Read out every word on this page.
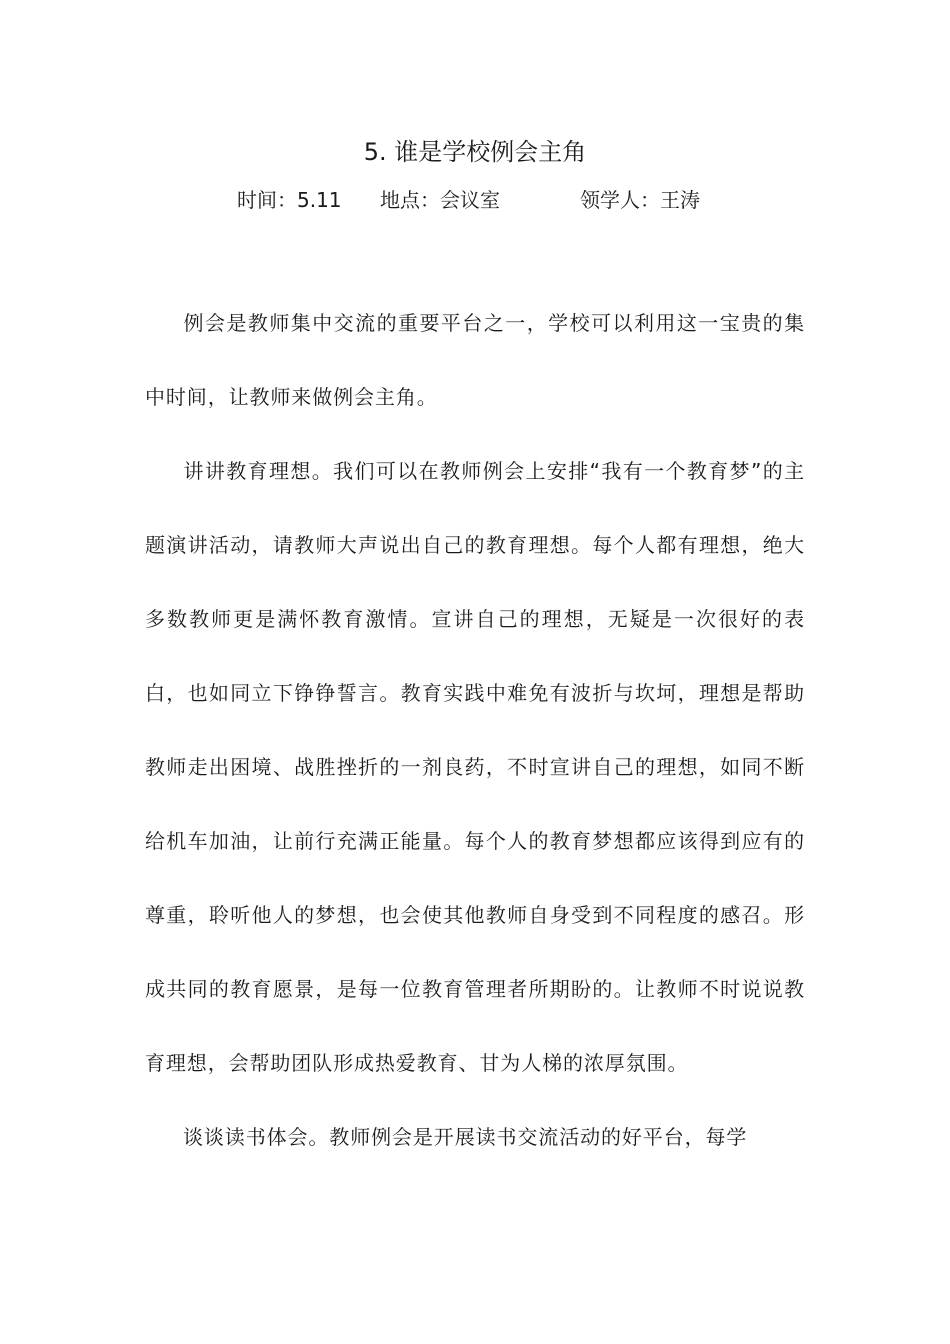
5. 谁是学校例会主角
时间：5.11 地点：会议室	领学人：王涛

例会是教师集中交流的重要平台之一，学校可以利用这一宝贵的集中时间，让教师来做例会主角。

讲讲教育理想。我们可以在教师例会上安排“我有一个教育梦”的主题演讲活动，请教师大声说出自己的教育理想。每个人都有理想，绝大多数教师更是满怀教育激情。宣讲自己的理想，无疑是一次很好的表白，也如同立下铮铮誓言。教育实践中难免有波折与坎坷，理想是帮助教师走出困境、战胜挫折的一剂良药，不时宣讲自己的理想，如同不断给机车加油，让前行充满正能量。每个人的教育梦想都应该得到应有的尊重，聆听他人的梦想，也会使其他教师自身受到不同程度的感召。形成共同的教育愿景，是每一位教育管理者所期盼的。让教师不时说说教育理想，会帮助团队形成热爱教育、甘为人梯的浓厚氛围。

谈谈读书体会。教师例会是开展读书交流活动的好平台，每学
